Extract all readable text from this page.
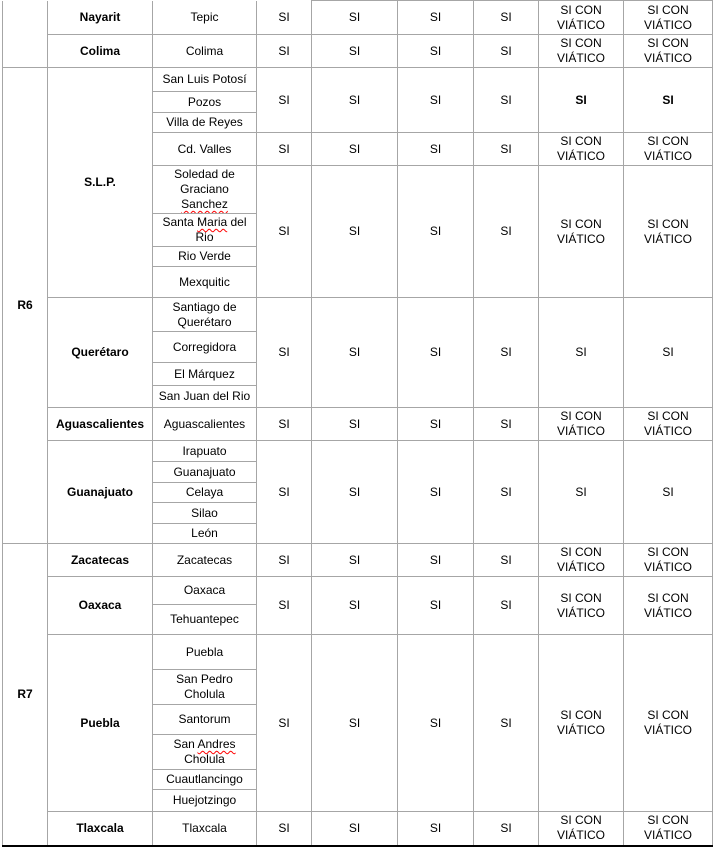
	Nayarit	Tepic	SI	SI	SI	SI	SI CON VIÁTICO	SI CON VIÁTICO
	Colima	Colima	SI	SI	SI	SI	SI CON VIÁTICO	SI CON VIÁTICO
R6	S.L.P.	San Luis Potosí	SI	SI	SI	SI	SI	SI
		Pozos						
		Villa de Reyes						
		Cd. Valles	SI	SI	SI	SI	SI CON VIÁTICO	SI CON VIÁTICO
		Soledad de Graciano Sanchez	SI	SI	SI	SI	SI CON VIÁTICO	SI CON VIÁTICO
		Santa Maria del Rio						
		Rio Verde						
		Mexquitic						
	Querétaro	Santiago de Querétaro	SI	SI	SI	SI	SI	SI
		Corregidora						
		El Márquez						
		San Juan del Rio						
	Aguascalientes	Aguascalientes	SI	SI	SI	SI	SI CON VIÁTICO	SI CON VIÁTICO
	Guanajuato	Irapuato	SI	SI	SI	SI	SI	SI
		Guanajuato						
		Celaya						
		Silao						
		León						
R7	Zacatecas	Zacatecas	SI	SI	SI	SI	SI CON VIÁTICO	SI CON VIÁTICO
	Oaxaca	Oaxaca	SI	SI	SI	SI	SI CON VIÁTICO	SI CON VIÁTICO
		Tehuantepec						
	Puebla	Puebla	SI	SI	SI	SI	SI CON VIÁTICO	SI CON VIÁTICO
		San Pedro Cholula						
		Santorum						
		San Andres Cholula						
		Cuautlancingo						
		Huejotzingo						
	Tlaxcala	Tlaxcala	SI	SI	SI	SI	SI CON VIÁTICO	SI CON VIÁTICO
